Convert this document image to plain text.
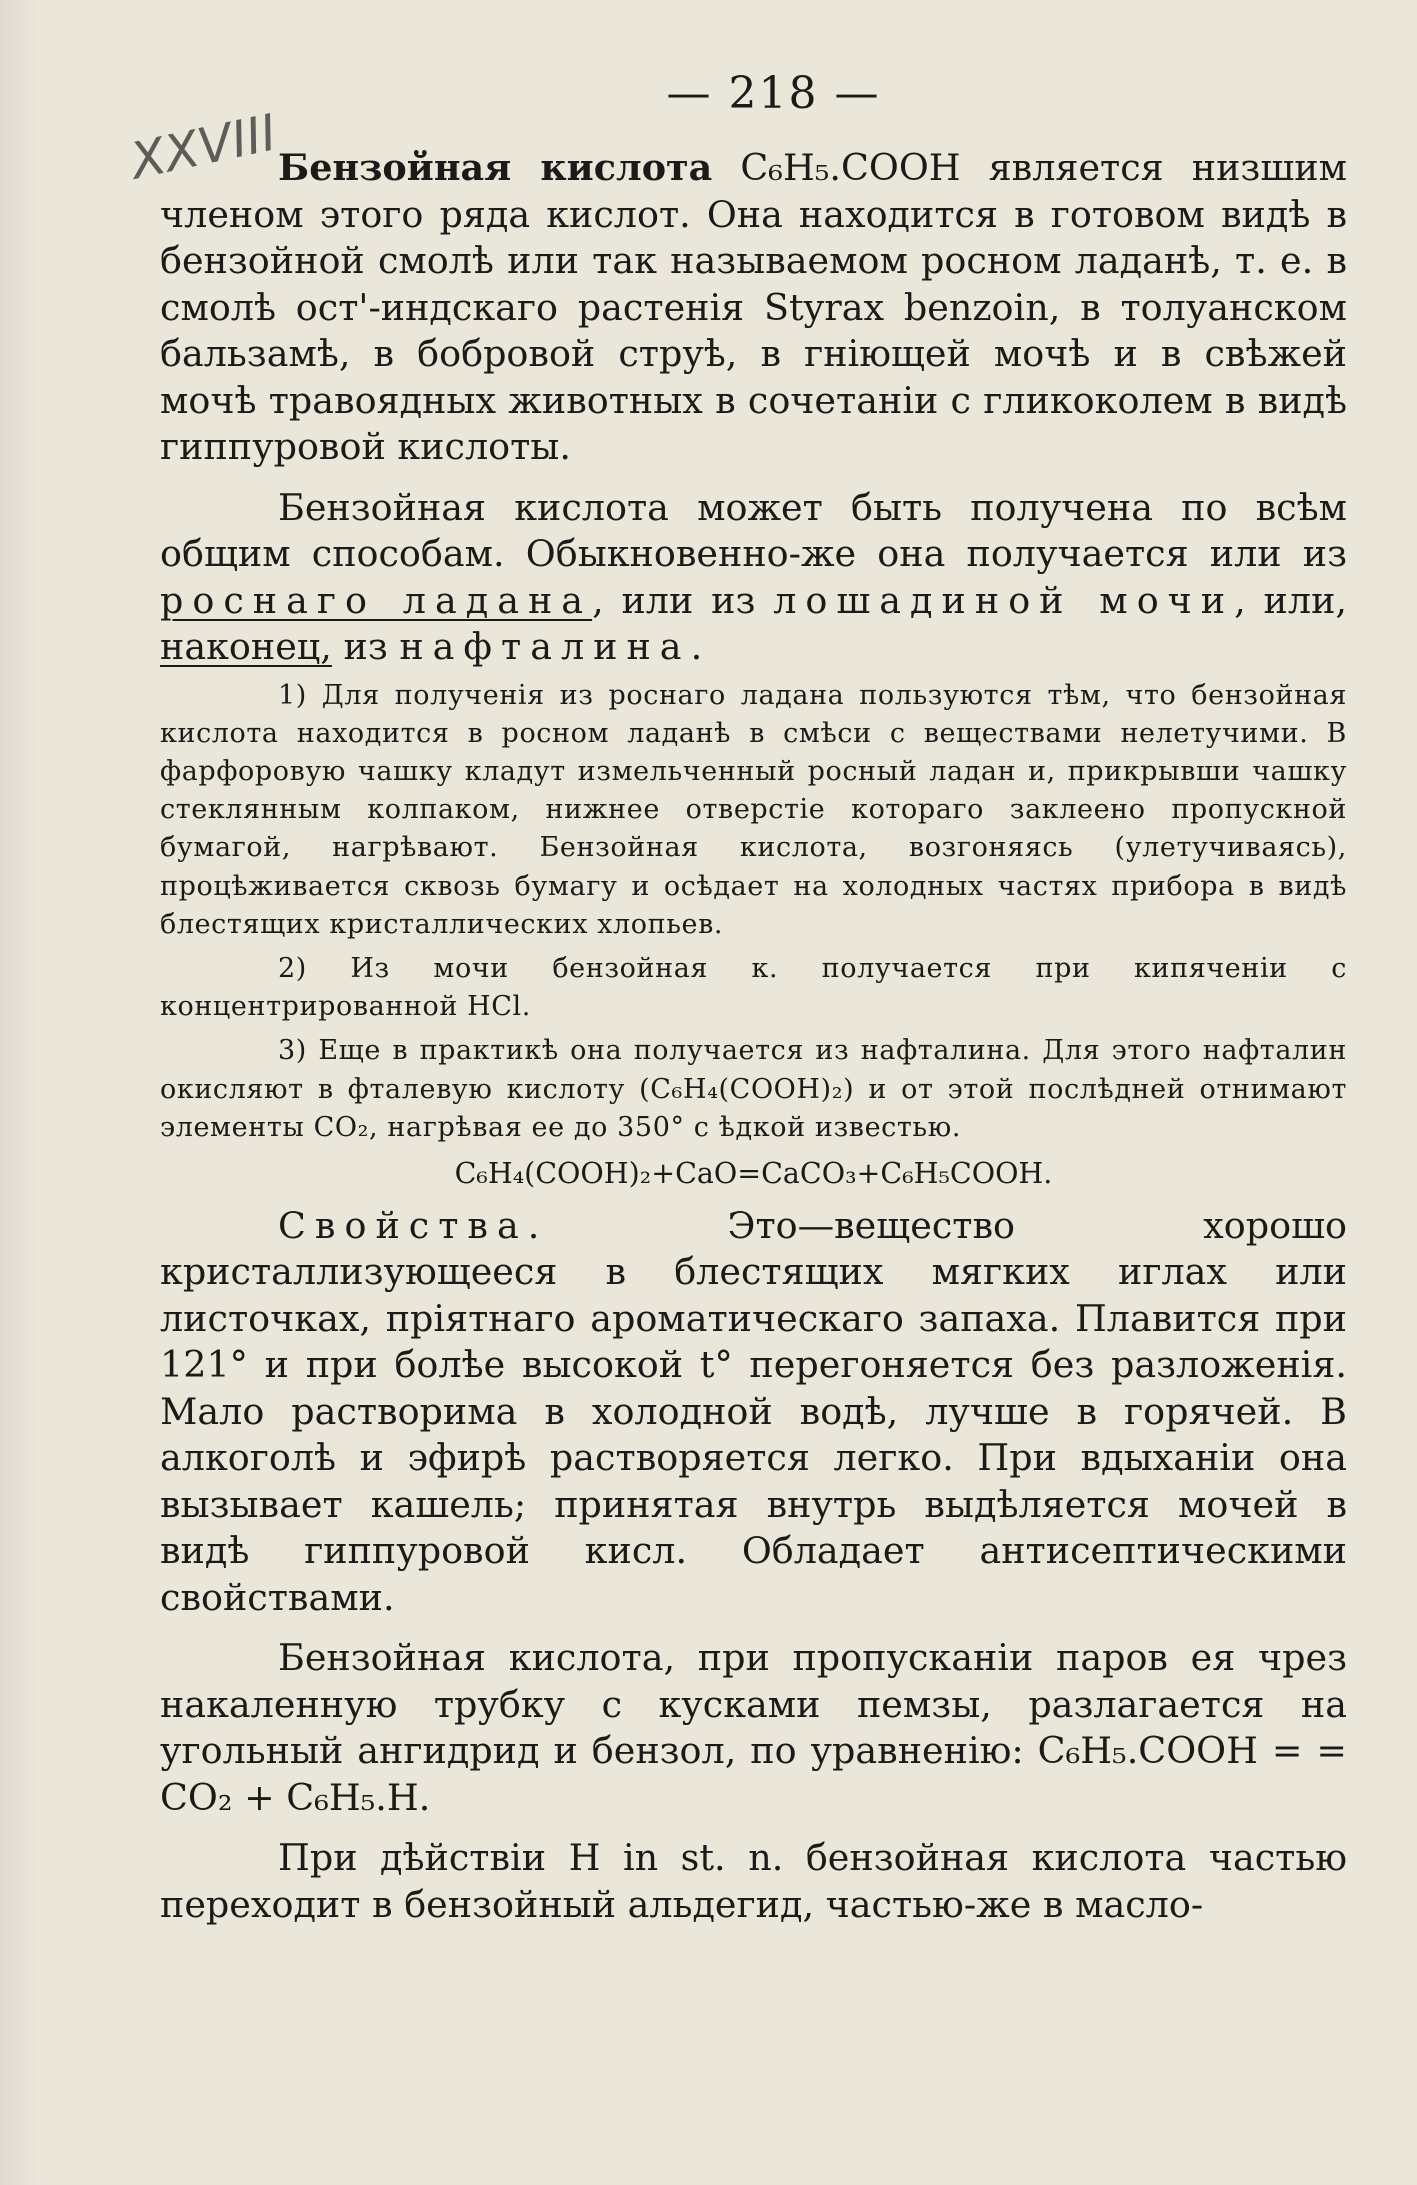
XXVIII
— 218 —

Бензойная кислота C₆H₅.COOH является низшим членом этого ряда кислот. Она находится в готовом видѣ в бензойной смолѣ или так называемом росном ладанѣ, т. е. в смолѣ ост'-индскаго растенія Styrax benzoin, в толуанском бальзамѣ, в бобровой струѣ, в гніющей мочѣ и в свѣжей мочѣ травоядных животных в сочетаніи с гликоколем в видѣ гиппуровой кислоты.

Бензойная кислота может быть получена по всѣм общим способам. Обыкновенно-же она получается или из роснаго ладана, или из лошадиной мочи, или, наконец, из нафталина.

1) Для полученія из роснаго ладана пользуются тѣм, что бензойная кислота находится в росном ладанѣ в смѣси с веществами нелетучими. В фарфоровую чашку кладут измельченный росный ладан и, прикрывши чашку стеклянным колпаком, нижнее отверстіе котораго заклеено пропускной бумагой, нагрѣвают. Бензойная кислота, возгоняясь (улетучиваясь), процѣживается сквозь бумагу и осѣдает на холодных частях прибора в видѣ блестящих кристаллических хлопьев.

2) Из мочи бензойная к. получается при кипяченіи с концентрированной HCl.

3) Еще в практикѣ она получается из нафталина. Для этого нафталин окисляют в фталевую кислоту (C₆H₄(COOH)₂) и от этой послѣдней отнимают элементы CO₂, нагрѣвая ее до 350° с ѣдкой известью.

C₆H₄(COOH)₂+CaO=CaCO₃+C₆H₅COOH.

Свойства. Это—вещество хорошо кристаллизующееся в блестящих мягких иглах или листочках, пріятнаго ароматическаго запаха. Плавится при 121° и при болѣе высокой t° перегоняется без разложенія. Мало растворима в холодной водѣ, лучше в горячей. В алкоголѣ и эфирѣ растворяется легко. При вдыханіи она вызывает кашель; принятая внутрь выдѣляется мочей в видѣ гиппуровой кисл. Обладает антисептическими свойствами.

Бензойная кислота, при пропусканіи паров ея чрез накаленную трубку с кусками пемзы, разлагается на угольный ангидрид и бензол, по уравненію: C₆H₅.COOH = = CO₂ + C₆H₅.H.

При дѣйствіи H in st. n. бензойная кислота частью переходит в бензойный альдегид, частью-же в масло-
